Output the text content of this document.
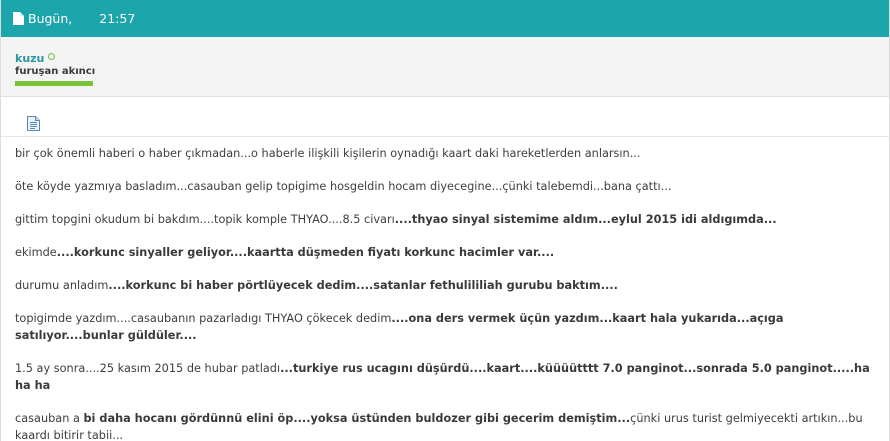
Bugün, 21:57
kuzu
furuşan akıncı

bir çok önemli haberi o haber çıkmadan...o haberle ilişkili kişilerin oynadığı kaart daki hareketlerden anlarsın...

öte köyde yazmıya basladım...casauban gelip topigime hosgeldin hocam diyecegine...çünki talebemdi...bana çattı...

gittim topgini okudum bi bakdım....topik komple THYAO....8.5 civarı....thyao sinyal sistemime aldım...eylul 2015 idi aldıgımda...

ekimde....korkunc sinyaller geliyor....kaartta düşmeden fiyatı korkunc hacimler var....

durumu anladım....korkunc bi haber pörtlüyecek dedim....satanlar fethulililiah gurubu baktım....

topigimde yazdım....casaubanın pazarladıgı THYAO çökecek dedim....ona ders vermek üçün yazdım...kaart hala yukarıda...açıga satılıyor....bunlar güldüler....

1.5 ay sonra....25 kasım 2015 de hubar patladı...turkiye rus ucagını düşürdü....kaart....küüüütttt 7.0 panginot...sonrada 5.0 panginot.....ha ha ha

casauban a bi daha hocanı gördünnü elini öp....yoksa üstünden buldozer gibi gecerim demiştim...çünki urus turist gelmiyecekti artıkın...bu kaardı bitirir tabii...
